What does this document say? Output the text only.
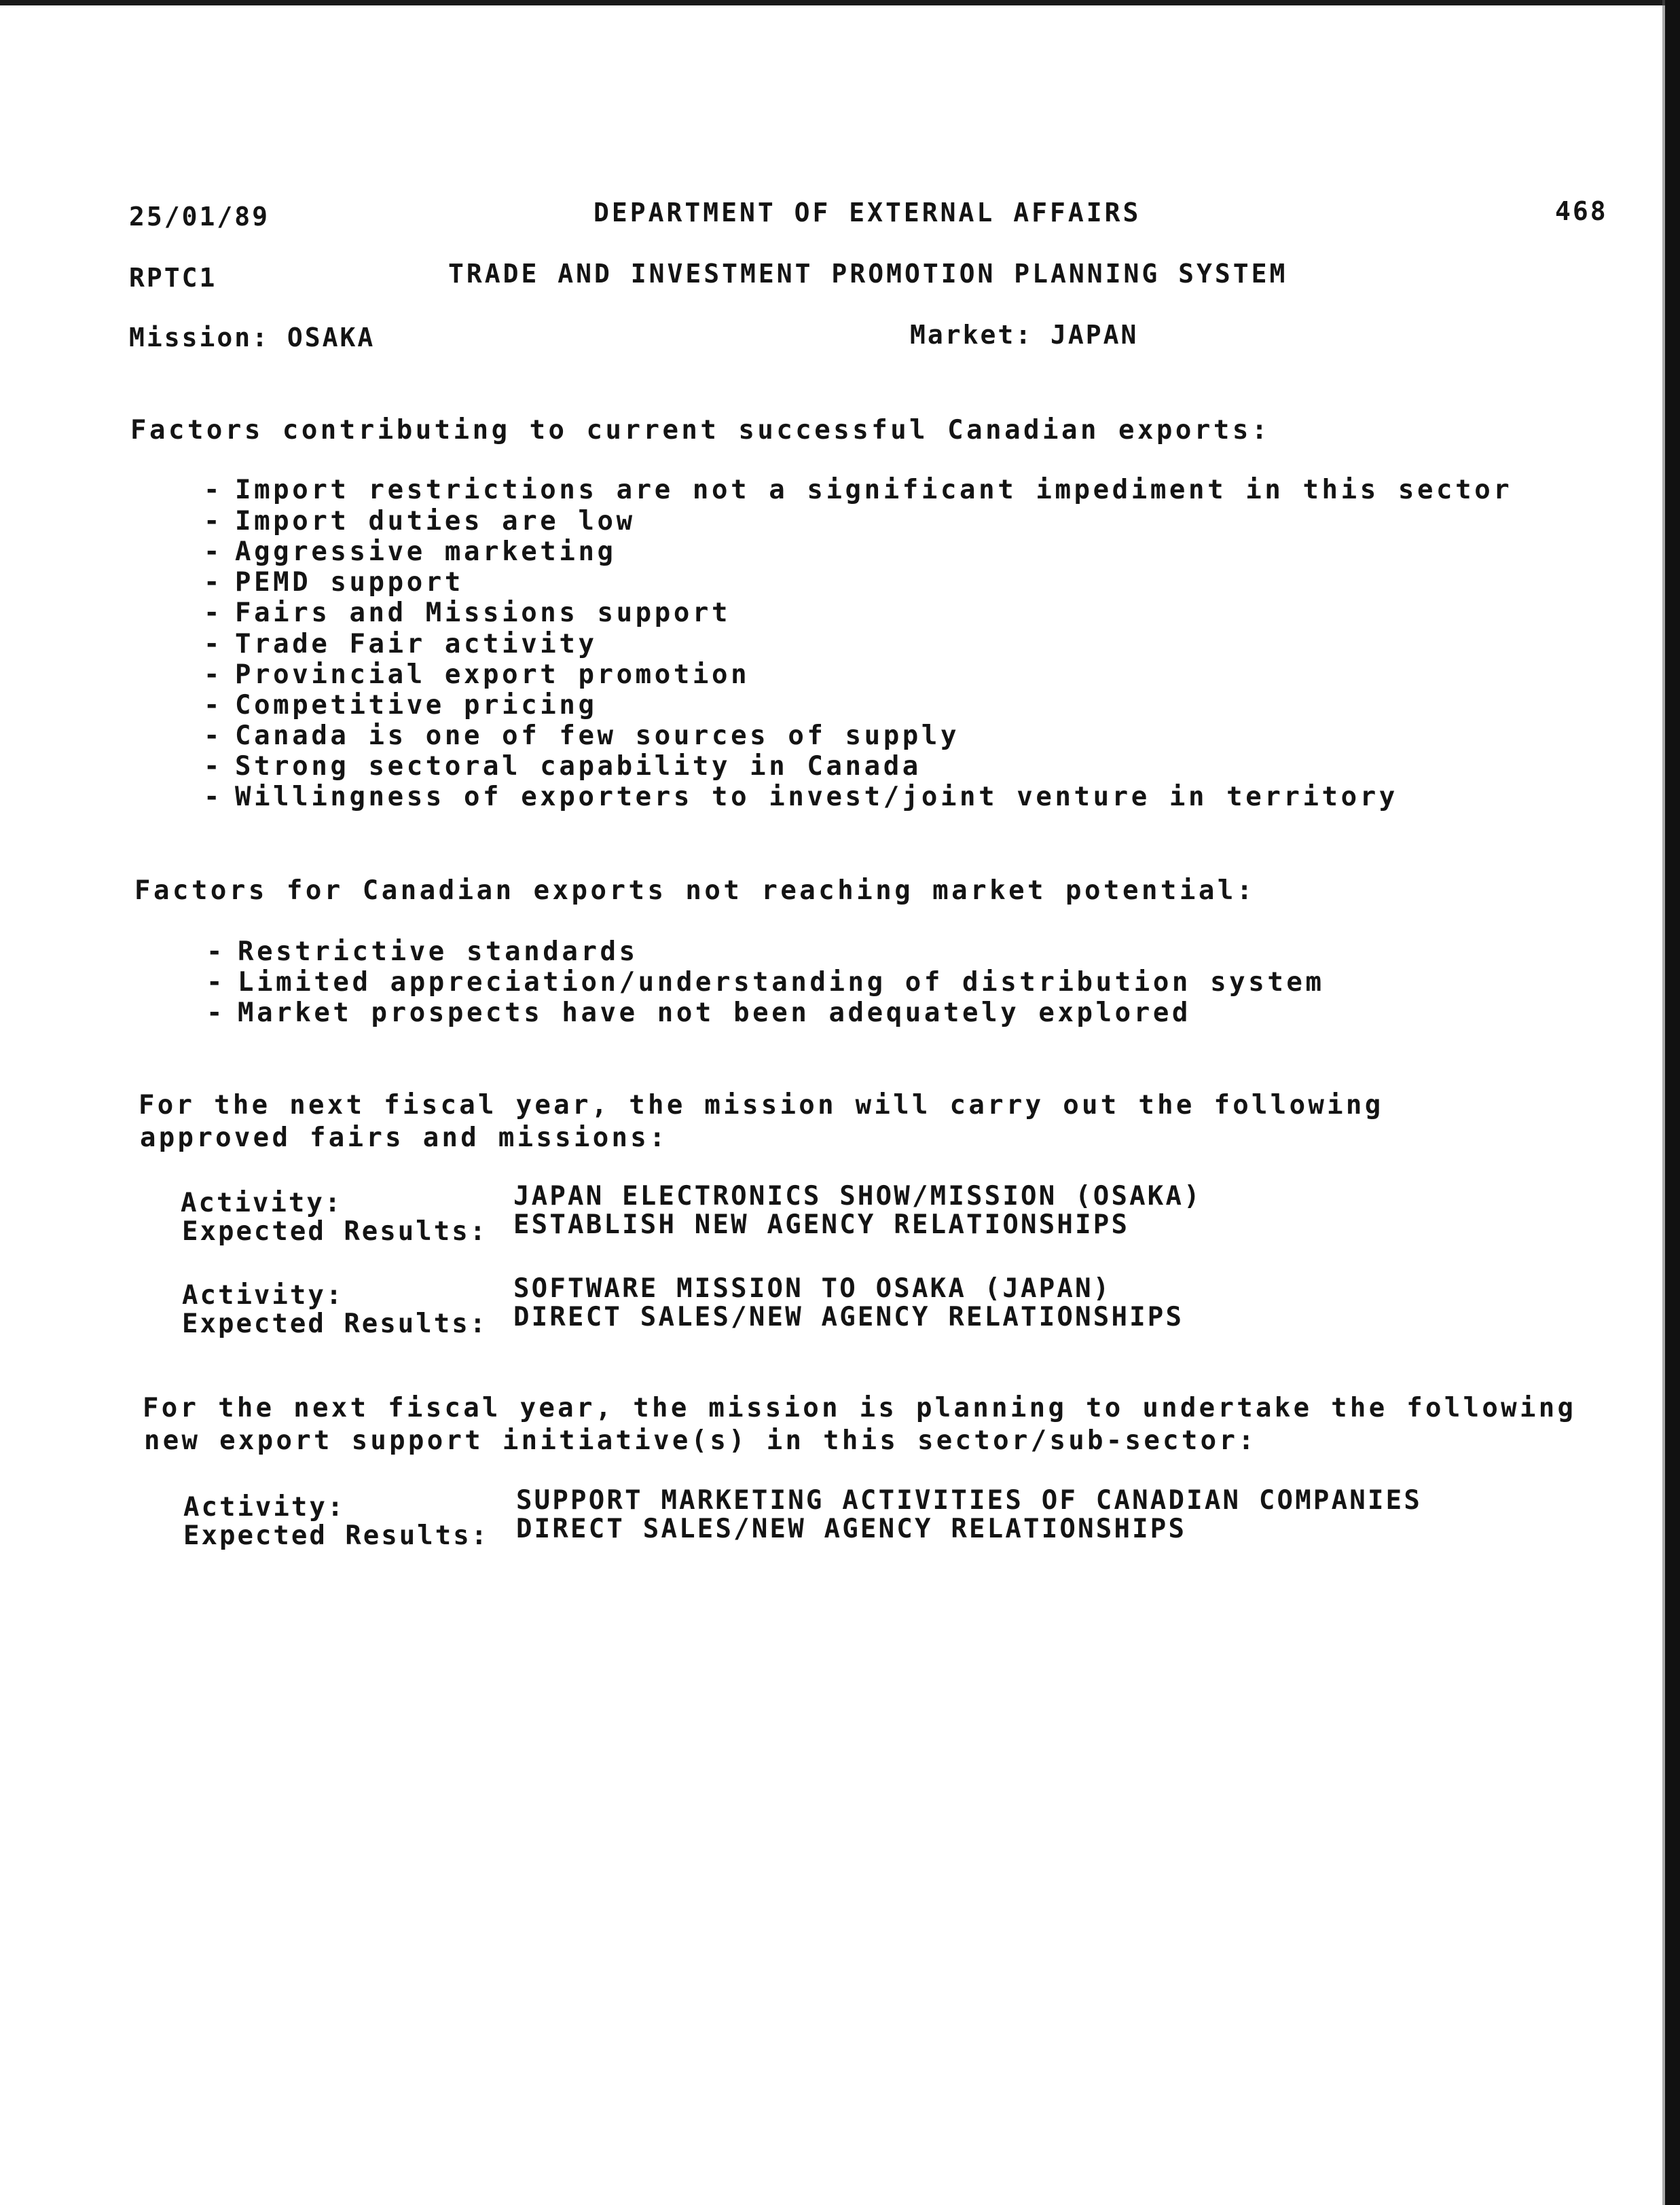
25/01/89	DEPARTMENT OF EXTERNAL AFFAIRS	468
RPTC1	TRADE AND INVESTMENT PROMOTION PLANNING SYSTEM
Mission: OSAKA	Market: JAPAN
Factors contributing to current successful Canadian exports:
- Import restrictions are not a significant impediment in this sector
- Import duties are low
- Aggressive marketing
- PEMD support
- Fairs and Missions support
- Trade Fair activity
- Provincial export promotion
- Competitive pricing
- Canada is one of few sources of supply
- Strong sectoral capability in Canada
- Willingness of exporters to invest/joint venture in territory
Factors for Canadian exports not reaching market potential:
- Restrictive standards
- Limited appreciation/understanding of distribution system
- Market prospects have not been adequately explored
For the next fiscal year, the mission will carry out the following
approved fairs and missions:
Activity:	JAPAN ELECTRONICS SHOW/MISSION (OSAKA)
Expected Results: ESTABLISH NEW AGENCY RELATIONSHIPS
Activity:	SOFTWARE MISSION TO OSAKA (JAPAN)
Expected Results: DIRECT SALES/NEW AGENCY RELATIONSHIPS
For the next fiscal year, the mission is planning to undertake the following
new export support initiative(s) in this sector/sub-sector:
Activity:	SUPPORT MARKETING ACTIVITIES OF CANADIAN COMPANIES
Expected Results: DIRECT SALES/NEW AGENCY RELATIONSHIPS
